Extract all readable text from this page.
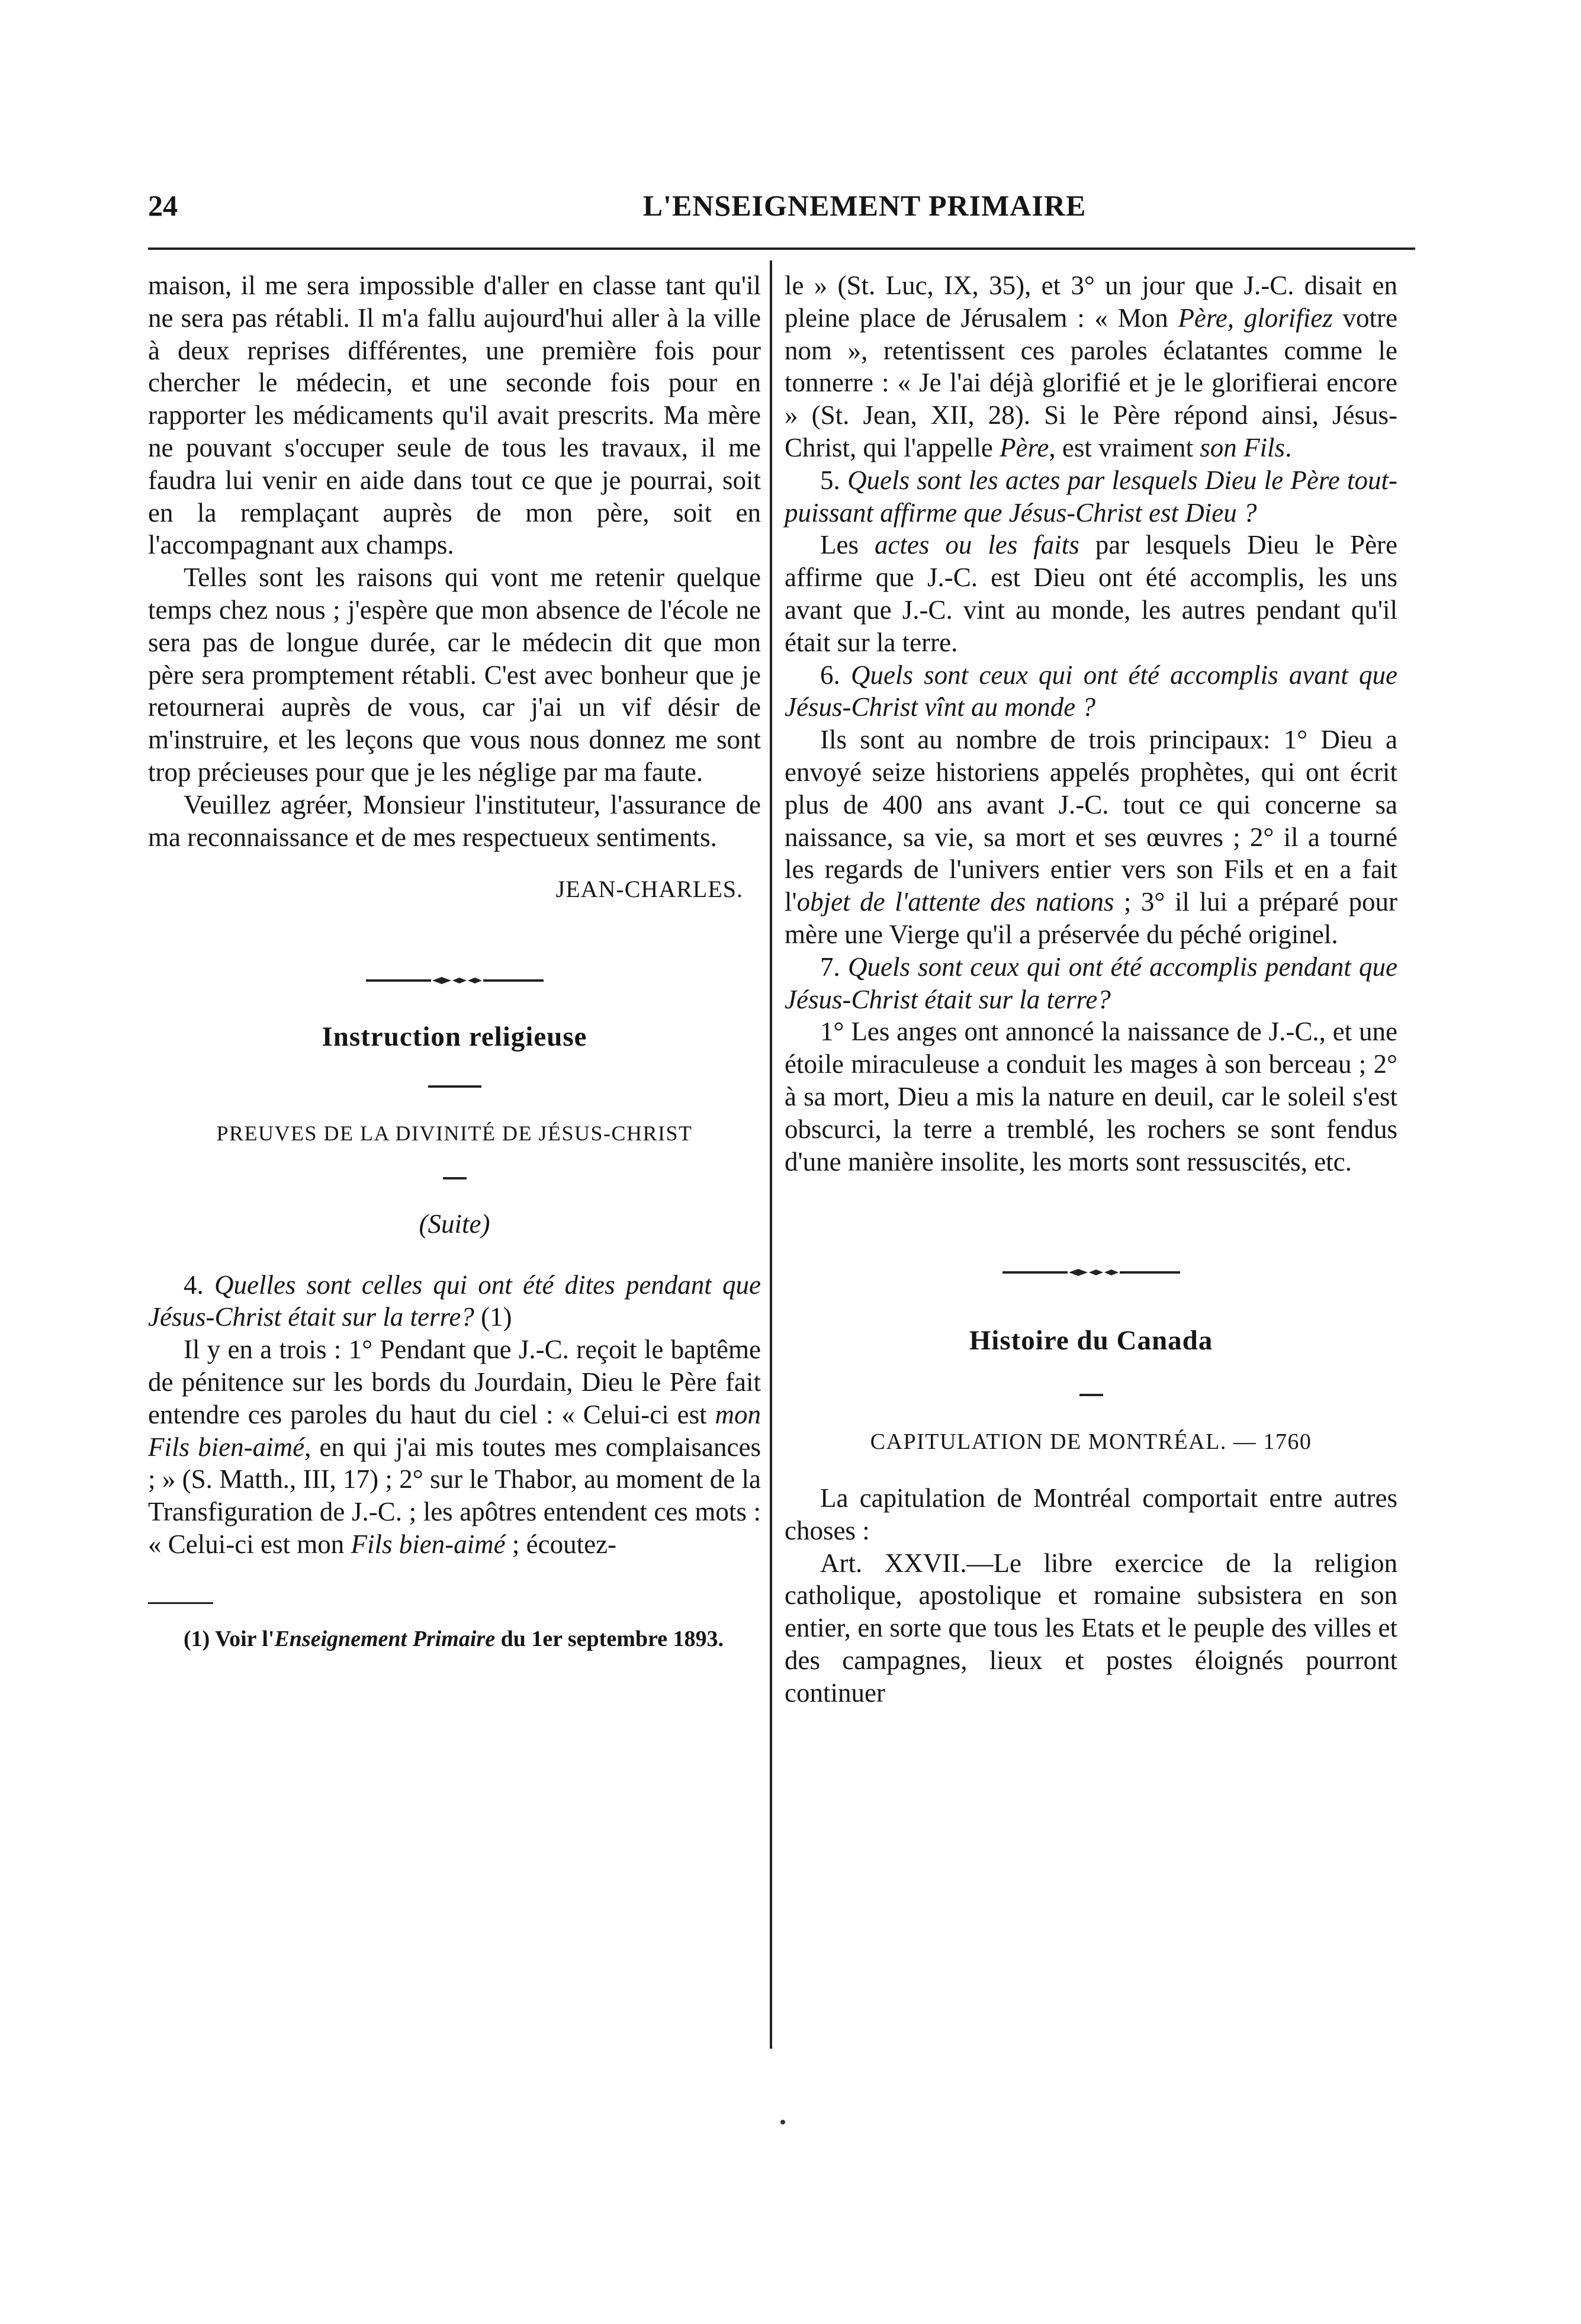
24	L'ENSEIGNEMENT PRIMAIRE

maison, il me sera impossible d'aller en classe tant qu'il ne sera pas rétabli. Il m'a fallu aujourd'hui aller à la ville à deux reprises différentes, une première fois pour chercher le médecin, et une seconde fois pour en rapporter les médicaments qu'il avait prescrits. Ma mère ne pouvant s'occuper seule de tous les travaux, il me faudra lui venir en aide dans tout ce que je pourrai, soit en la remplaçant auprès de mon père, soit en l'accompagnant aux champs.

Telles sont les raisons qui vont me retenir quelque temps chez nous ; j'espère que mon absence de l'école ne sera pas de longue durée, car le médecin dit que mon père sera promptement rétabli. C'est avec bonheur que je retournerai auprès de vous, car j'ai un vif désir de m'instruire, et les leçons que vous nous donnez me sont trop précieuses pour que je les néglige par ma faute.

Veuillez agréer, Monsieur l'instituteur, l'assurance de ma reconnaissance et de mes respectueux sentiments.

JEAN-CHARLES.

Instruction religieuse

PREUVES DE LA DIVINITÉ DE JÉSUS-CHRIST

(Suite)

4. Quelles sont celles qui ont été dites pendant que Jésus-Christ était sur la terre? (1)

Il y en a trois : 1° Pendant que J.-C. reçoit le baptême de pénitence sur les bords du Jourdain, Dieu le Père fait entendre ces paroles du haut du ciel : « Celui-ci est mon Fils bien-aimé, en qui j'ai mis toutes mes complaisances ; » (S. Matth., III, 17) ; 2° sur le Thabor, au moment de la Transfiguration de J.-C. ; les apôtres entendent ces mots : « Celui-ci est mon Fils bien-aimé ; écoutez-

(1) Voir l'Enseignement Primaire du 1er septembre 1893.

le » (St. Luc, IX, 35), et 3° un jour que J.-C. disait en pleine place de Jérusalem : « Mon Père, glorifiez votre nom », retentissent ces paroles éclatantes comme le tonnerre : « Je l'ai déjà glorifié et je le glorifierai encore » (St. Jean, XII, 28). Si le Père répond ainsi, Jésus-Christ, qui l'appelle Père, est vraiment son Fils.

5. Quels sont les actes par lesquels Dieu le Père tout-puissant affirme que Jésus-Christ est Dieu ?

Les actes ou les faits par lesquels Dieu le Père affirme que J.-C. est Dieu ont été accomplis, les uns avant que J.-C. vint au monde, les autres pendant qu'il était sur la terre.

6. Quels sont ceux qui ont été accomplis avant que Jésus-Christ vînt au monde ?

Ils sont au nombre de trois principaux: 1° Dieu a envoyé seize historiens appelés prophètes, qui ont écrit plus de 400 ans avant J.-C. tout ce qui concerne sa naissance, sa vie, sa mort et ses œuvres ; 2° il a tourné les regards de l'univers entier vers son Fils et en a fait l'objet de l'attente des nations ; 3° il lui a préparé pour mère une Vierge qu'il a préservée du péché originel.

7. Quels sont ceux qui ont été accomplis pendant que Jésus-Christ était sur la terre?

1° Les anges ont annoncé la naissance de J.-C., et une étoile miraculeuse a conduit les mages à son berceau ; 2° à sa mort, Dieu a mis la nature en deuil, car le soleil s'est obscurci, la terre a tremblé, les rochers se sont fendus d'une manière insolite, les morts sont ressuscités, etc.

Histoire du Canada

CAPITULATION DE MONTRÉAL. — 1760

La capitulation de Montréal comportait entre autres choses :

Art. XXVII.—Le libre exercice de la religion catholique, apostolique et romaine subsistera en son entier, en sorte que tous les Etats et le peuple des villes et des campagnes, lieux et postes éloignés pourront continuer
